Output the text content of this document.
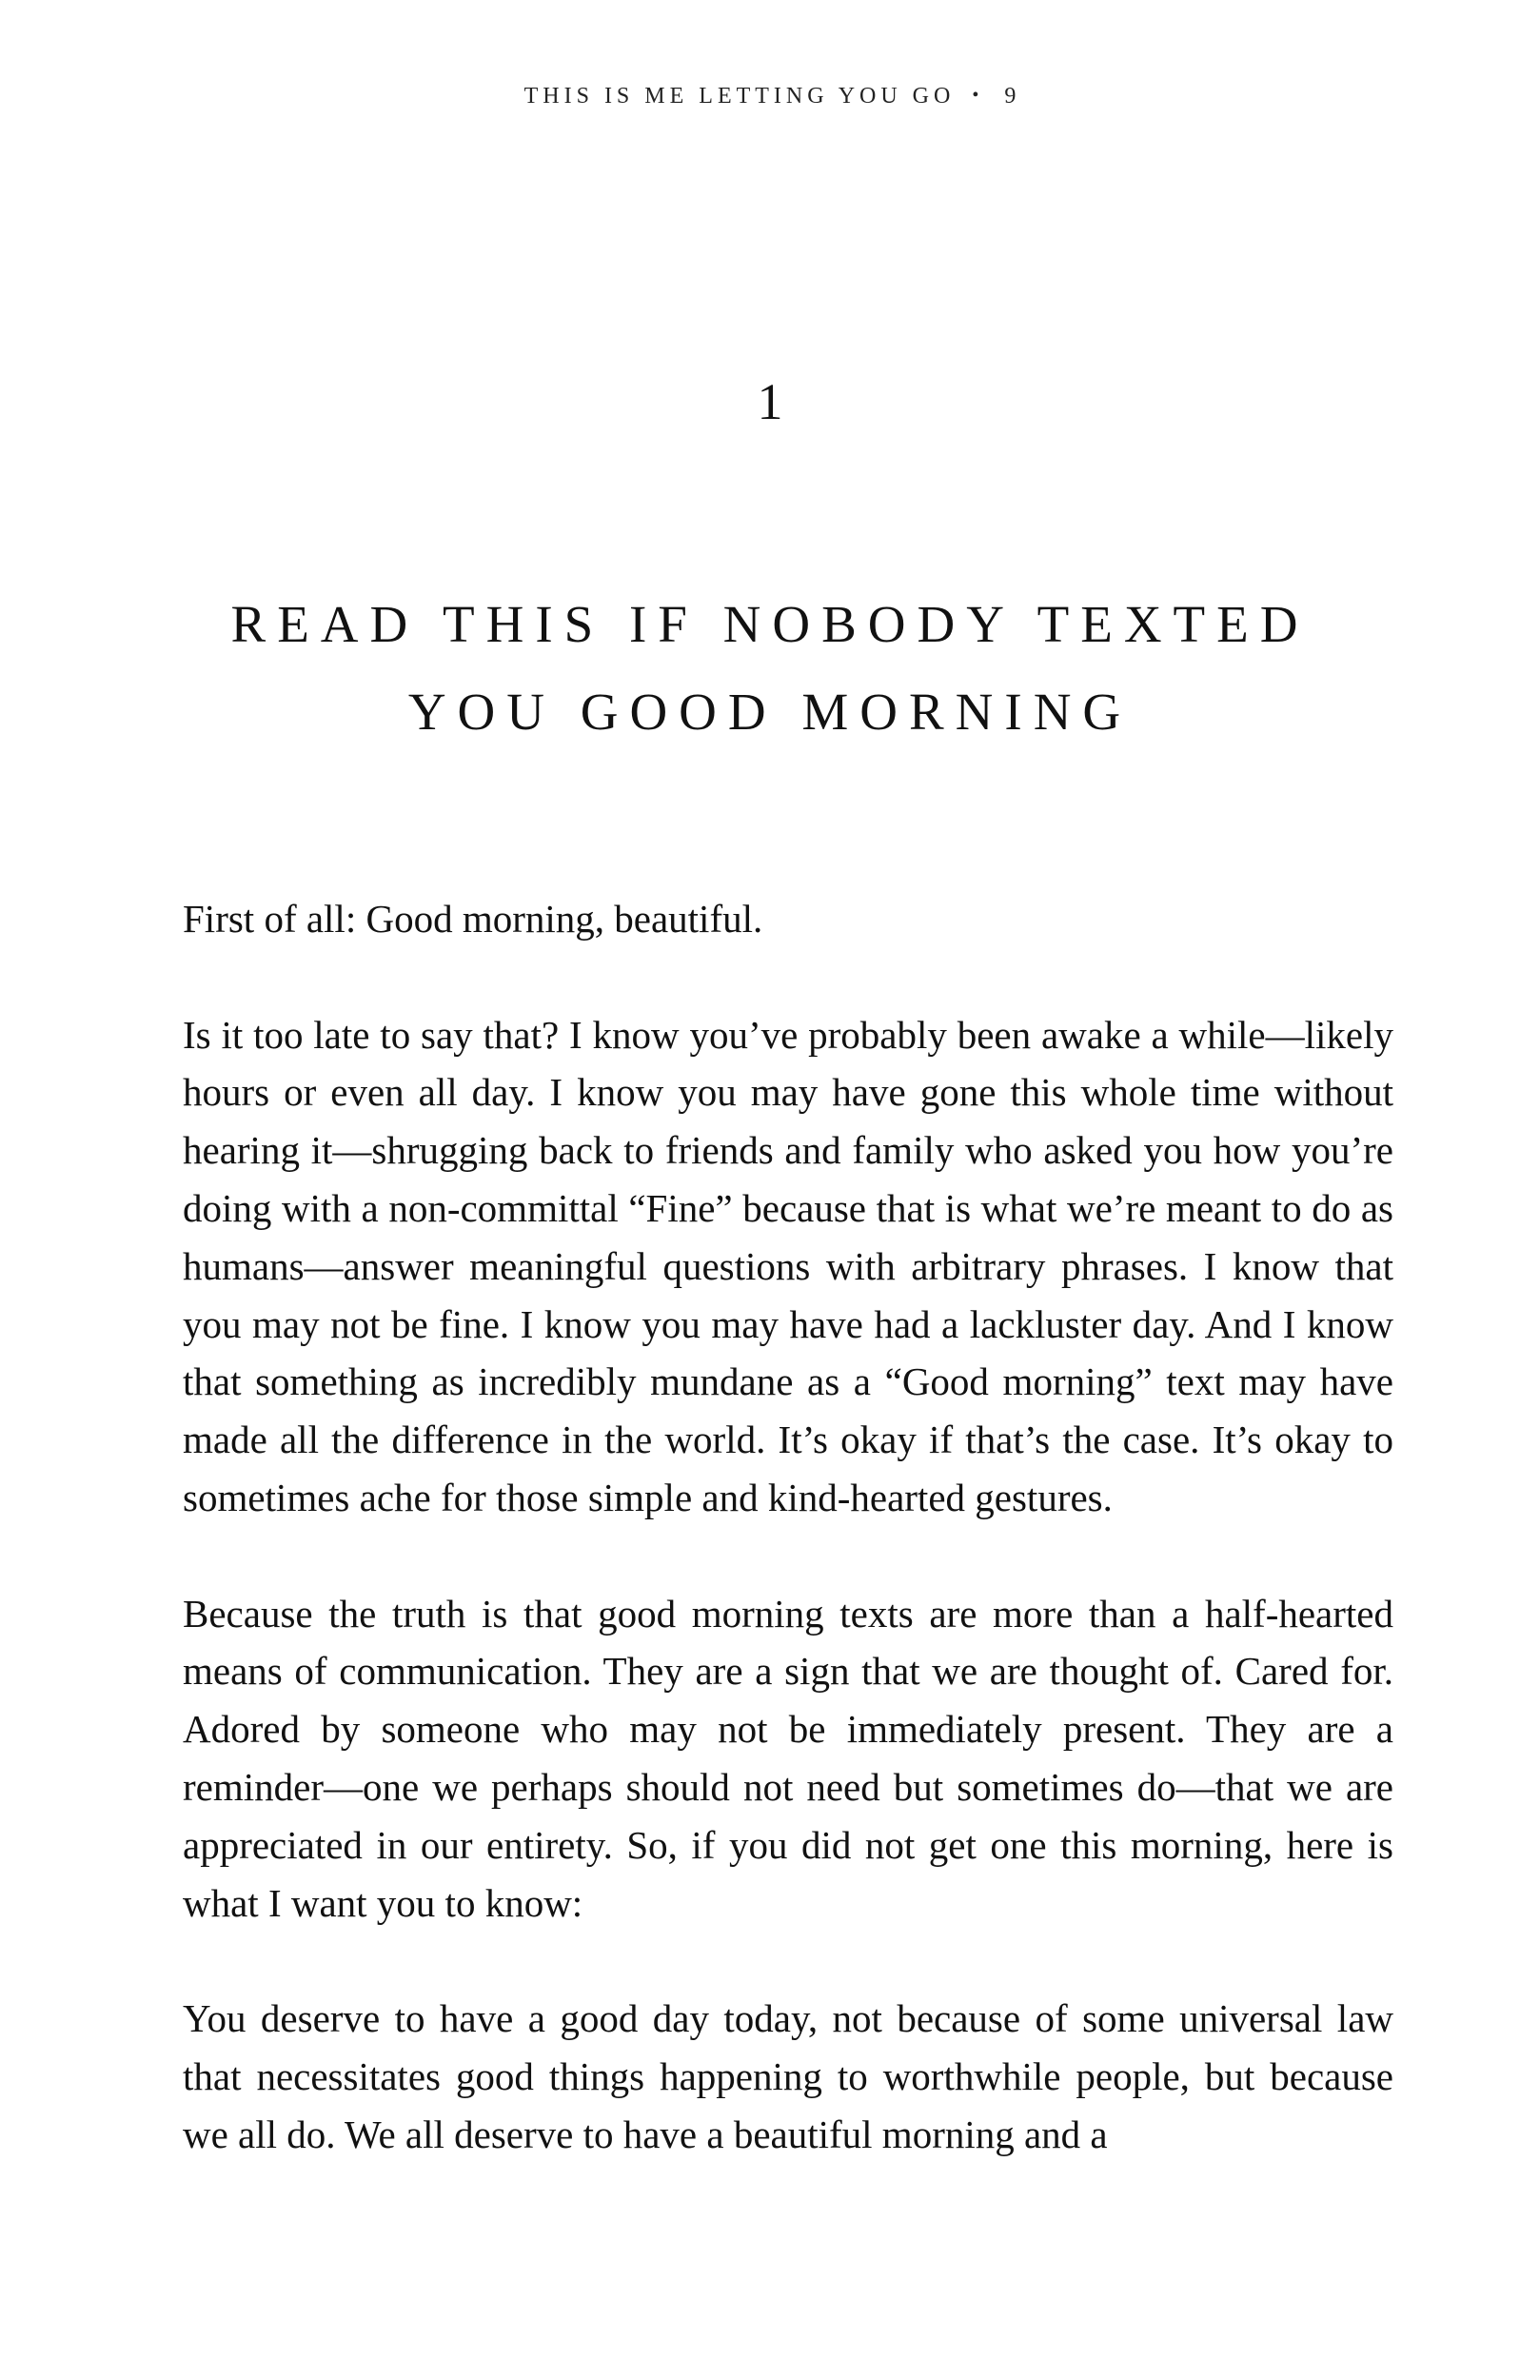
THIS IS ME LETTING YOU GO • 9
1
READ THIS IF NOBODY TEXTED
YOU GOOD MORNING

First of all: Good morning, beautiful.

Is it too late to say that? I know you’ve probably been awake a while—likely hours or even all day. I know you may have gone this whole time without hearing it—shrugging back to friends and family who asked you how you’re doing with a non-committal “Fine” because that is what we’re meant to do as humans—answer meaningful questions with arbitrary phrases. I know that you may not be fine. I know you may have had a lackluster day. And I know that something as incredibly mundane as a “Good morning” text may have made all the difference in the world. It’s okay if that’s the case. It’s okay to sometimes ache for those simple and kind-hearted gestures.

Because the truth is that good morning texts are more than a half-hearted means of communication. They are a sign that we are thought of. Cared for. Adored by someone who may not be immediately present. They are a reminder—one we perhaps should not need but sometimes do—that we are appreciated in our entirety. So, if you did not get one this morning, here is what I want you to know:

You deserve to have a good day today, not because of some universal law that necessitates good things happening to worthwhile people, but because we all do. We all deserve to have a beautiful morning and a
